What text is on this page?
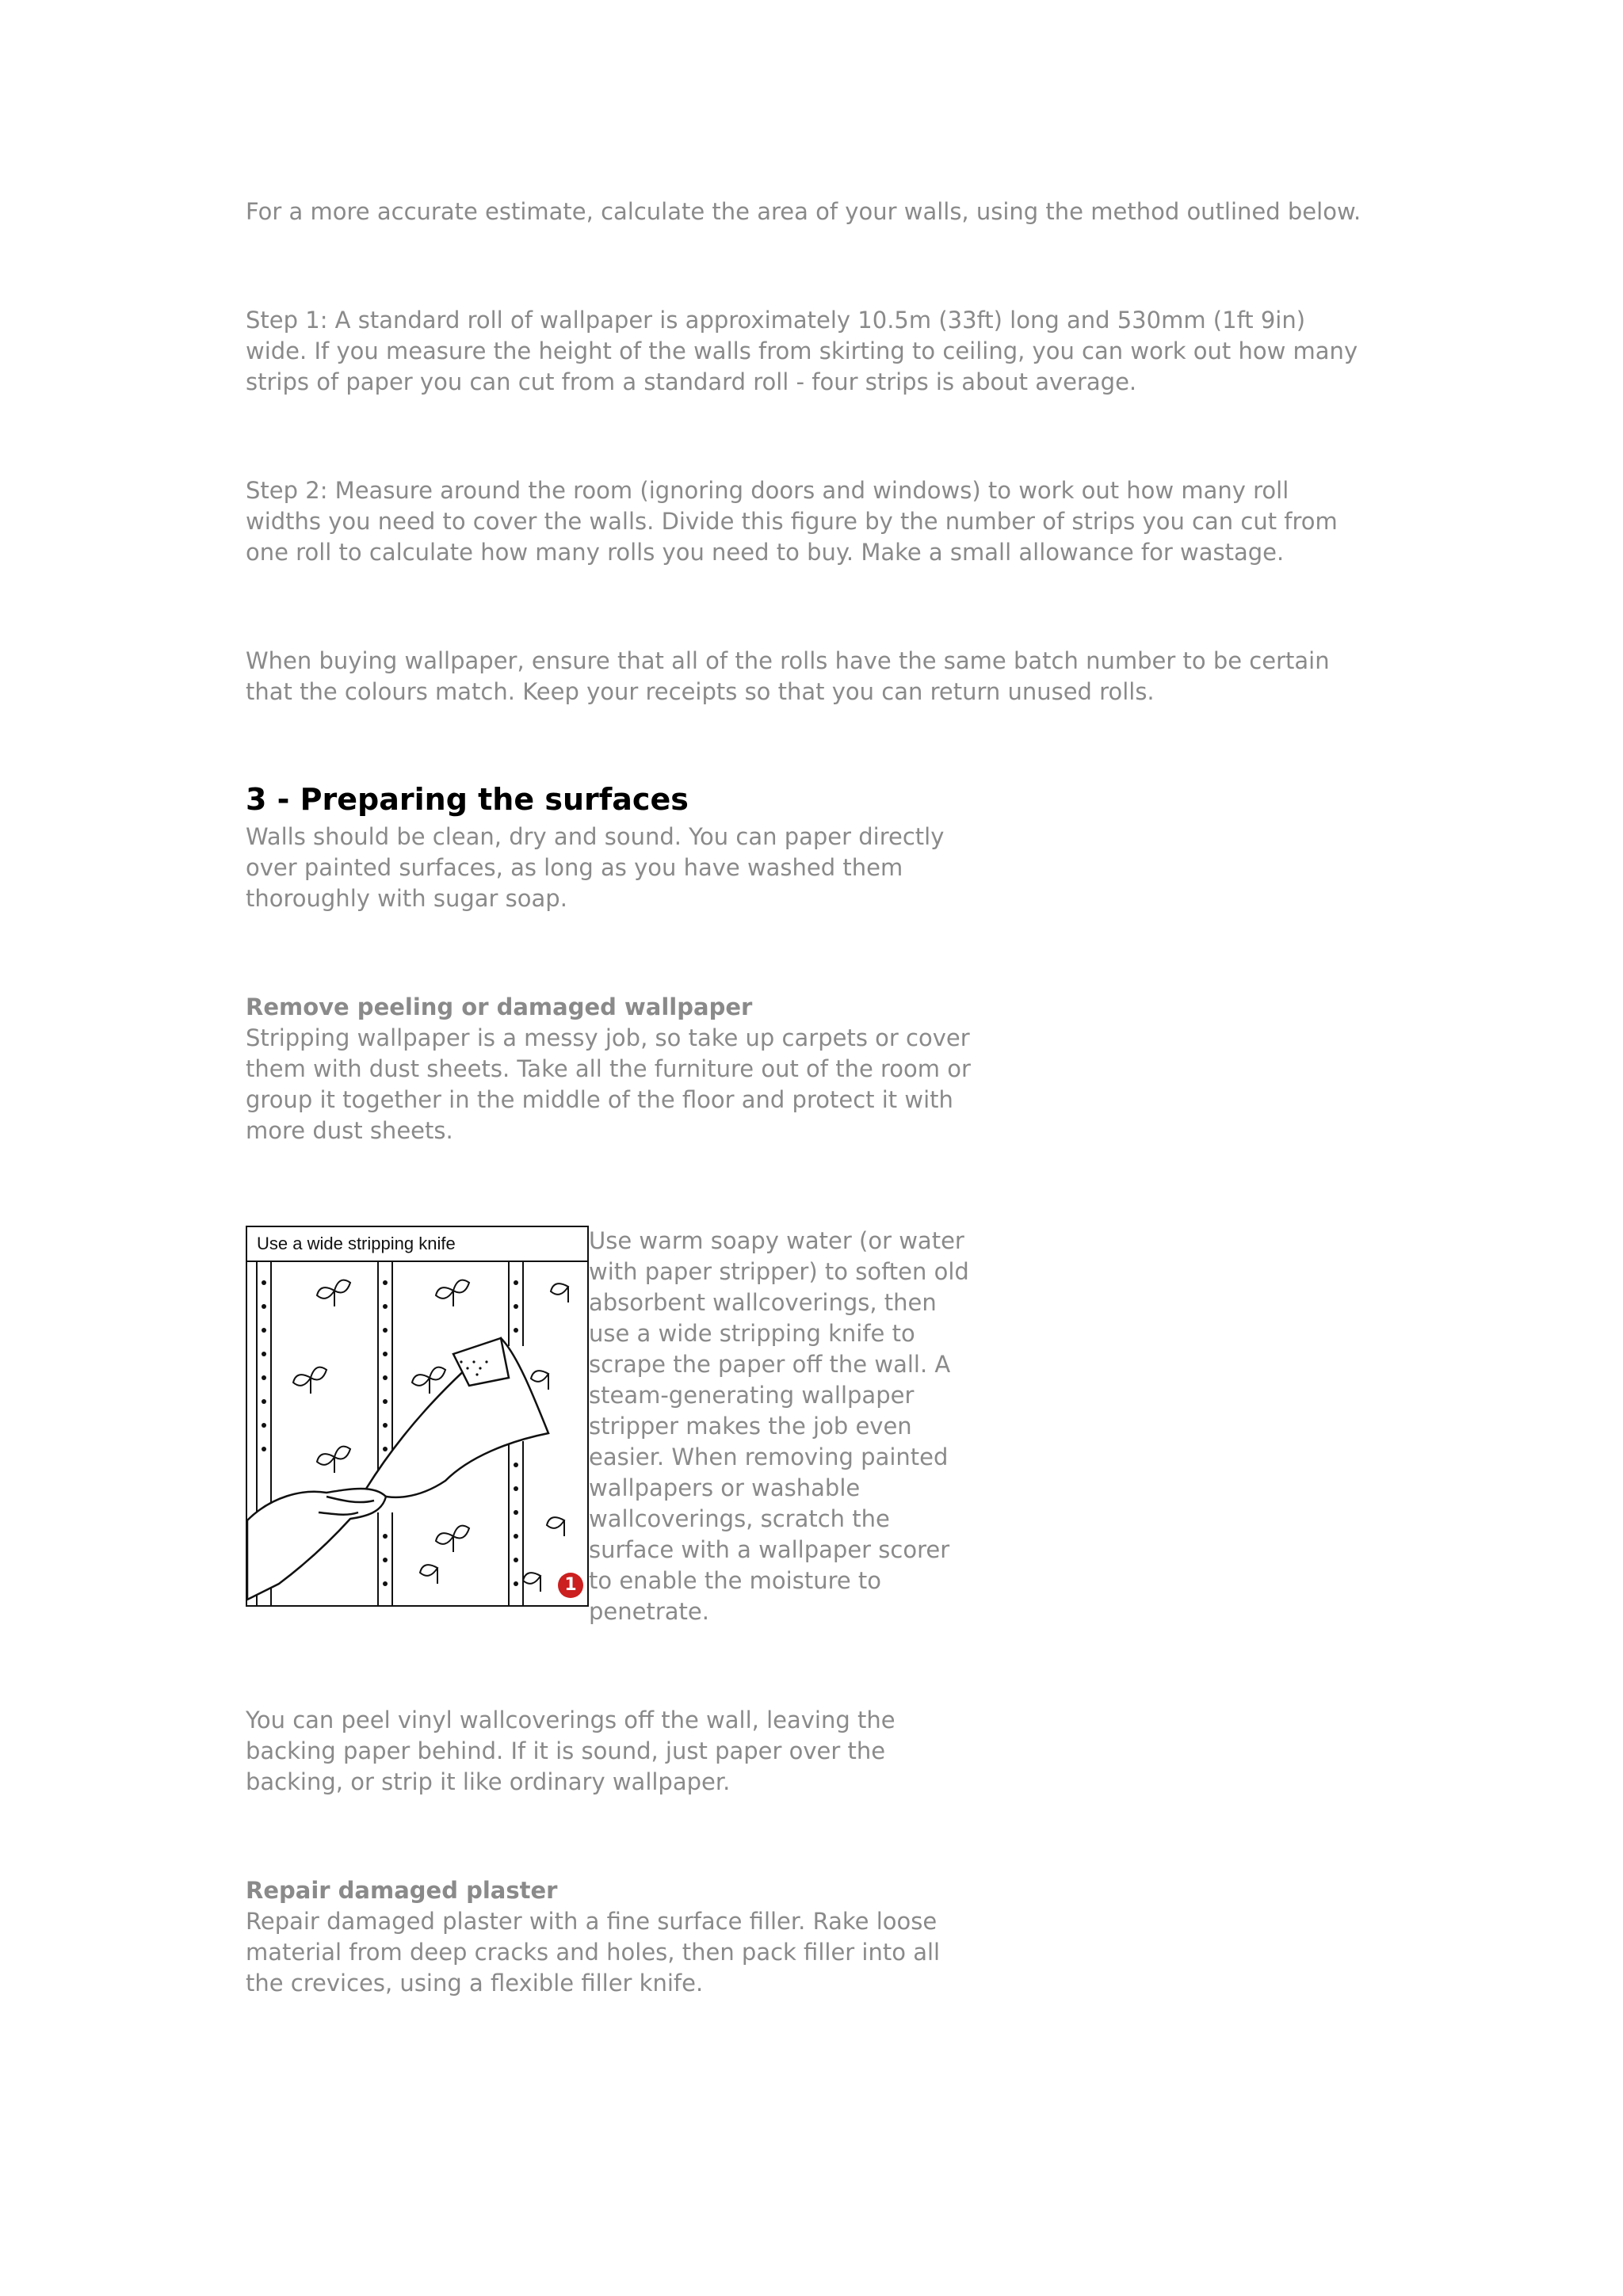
For a more accurate estimate, calculate the area of your walls, using the method outlined below.

Step 1: A standard roll of wallpaper is approximately 10.5m (33ft) long and 530mm (1ft 9in) wide. If you measure the height of the walls from skirting to ceiling, you can work out how many strips of paper you can cut from a standard roll - four strips is about average.

Step 2: Measure around the room (ignoring doors and windows) to work out how many roll widths you need to cover the walls. Divide this figure by the number of strips you can cut from one roll to calculate how many rolls you need to buy. Make a small allowance for wastage.

When buying wallpaper, ensure that all of the rolls have the same batch number to be certain that the colours match. Keep your receipts so that you can return unused rolls.

3 - Preparing the surfaces

Walls should be clean, dry and sound. You can paper directly over painted surfaces, as long as you have washed them thoroughly with sugar soap.

Remove peeling or damaged wallpaper

Stripping wallpaper is a messy job, so take up carpets or cover them with dust sheets. Take all the furniture out of the room or group it together in the middle of the floor and protect it with more dust sheets.

Use a wide stripping knife
1

Use warm soapy water (or water with paper stripper) to soften old absorbent wallcoverings, then use a wide stripping knife to scrape the paper off the wall. A steam-generating wallpaper stripper makes the job even easier. When removing painted wallpapers or washable wallcoverings, scratch the surface with a wallpaper scorer to enable the moisture to penetrate.

You can peel vinyl wallcoverings off the wall, leaving the backing paper behind. If it is sound, just paper over the backing, or strip it like ordinary wallpaper.

Repair damaged plaster

Repair damaged plaster with a fine surface filler. Rake loose material from deep cracks and holes, then pack filler into all the crevices, using a flexible filler knife.
